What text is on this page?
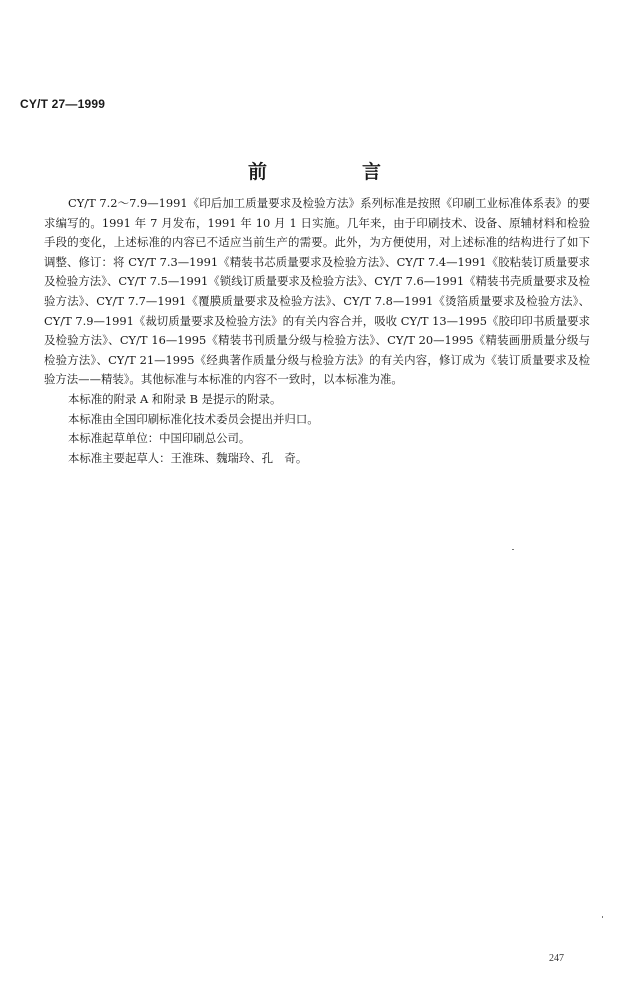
CY/T 27—1999
前　言

CY/T 7.2～7.9—1991《印后加工质量要求及检验方法》系列标准是按照《印刷工业标准体系表》的要求编写的。1991 年 7 月发布，1991 年 10 月 1 日实施。几年来，由于印刷技术、设备、原辅材料和检验手段的变化，上述标准的内容已不适应当前生产的需要。此外，为方便使用，对上述标准的结构进行了如下调整、修订：将 CY/T 7.3—1991《精装书芯质量要求及检验方法》、CY/T 7.4—1991《胶粘装订质量要求及检验方法》、CY/T 7.5—1991《锁线订质量要求及检验方法》、CY/T 7.6—1991《精装书壳质量要求及检验方法》、CY/T 7.7—1991《覆膜质量要求及检验方法》、CY/T 7.8—1991《烫箔质量要求及检验方法》、CY/T 7.9—1991《裁切质量要求及检验方法》的有关内容合并，吸收 CY/T 13—1995《胶印印书质量要求及检验方法》、CY/T 16—1995《精装书刊质量分级与检验方法》、CY/T 20—1995《精装画册质量分级与检验方法》、CY/T 21—1995《经典著作质量分级与检验方法》的有关内容，修订成为《装订质量要求及检验方法——精装》。其他标准与本标准的内容不一致时，以本标准为准。

本标准的附录 A 和附录 B 是提示的附录。

本标准由全国印刷标准化技术委员会提出并归口。

本标准起草单位：中国印刷总公司。

本标准主要起草人：王淮珠、魏瑞玲、孔　奇。

247
